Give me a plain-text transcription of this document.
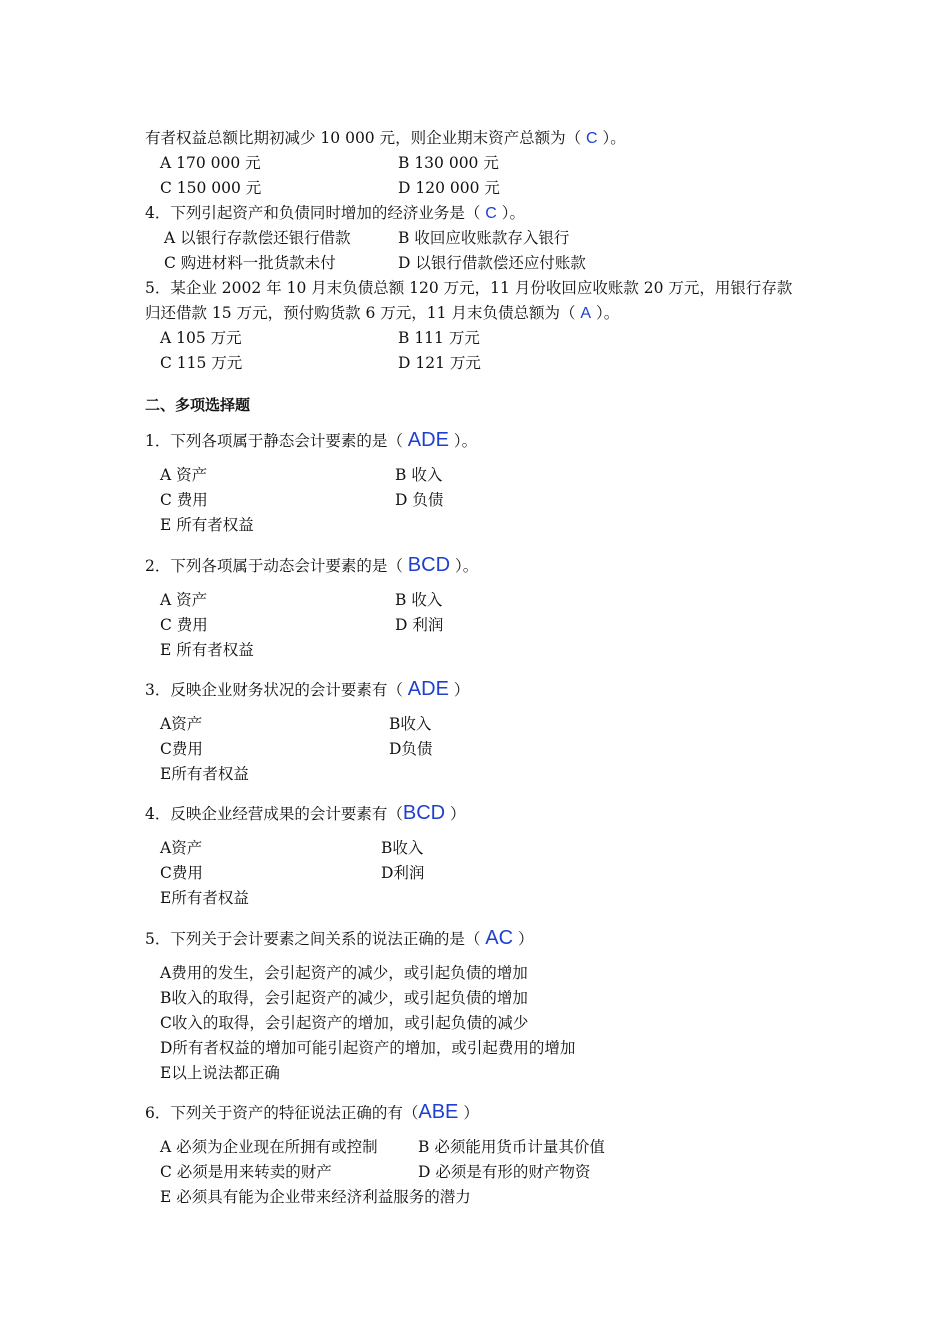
有者权益总额比期初减少 10 000 元，则企业期末资产总额为（ C ）。
A 170 000 元	B 130 000 元
C 150 000 元	D 120 000 元
4．下列引起资产和负债同时增加的经济业务是（ C ）。
A 以银行存款偿还银行借款	B 收回应收账款存入银行
C 购进材料一批货款未付	D 以银行借款偿还应付账款
5．某企业 2002 年 10 月末负债总额 120 万元，11 月份收回应收账款 20 万元，用银行存款
归还借款 15 万元，预付购货款 6 万元，11 月末负债总额为（ A ）。
A 105 万元	B 111 万元
C 115 万元	D 121 万元
二、多项选择题
1．下列各项属于静态会计要素的是（ ADE ）。
A 资产	B 收入
C 费用	D 负债
E 所有者权益
2．下列各项属于动态会计要素的是（ BCD ）。
A 资产	B 收入
C 费用	D 利润
E 所有者权益
3．反映企业财务状况的会计要素有（ ADE ）
A资产	B收入
C费用	D负债
E所有者权益
4．反映企业经营成果的会计要素有（BCD ）
A资产	B收入
C费用	D利润
E所有者权益
5．下列关于会计要素之间关系的说法正确的是（ AC ）
A费用的发生，会引起资产的减少，或引起负债的增加
B收入的取得，会引起资产的减少，或引起负债的增加
C收入的取得，会引起资产的增加，或引起负债的减少
D所有者权益的增加可能引起资产的增加，或引起费用的增加
E以上说法都正确
6．下列关于资产的特征说法正确的有（ABE ）
A 必须为企业现在所拥有或控制	B 必须能用货币计量其价值
C 必须是用来转卖的财产	D 必须是有形的财产物资
E 必须具有能为企业带来经济利益服务的潜力
